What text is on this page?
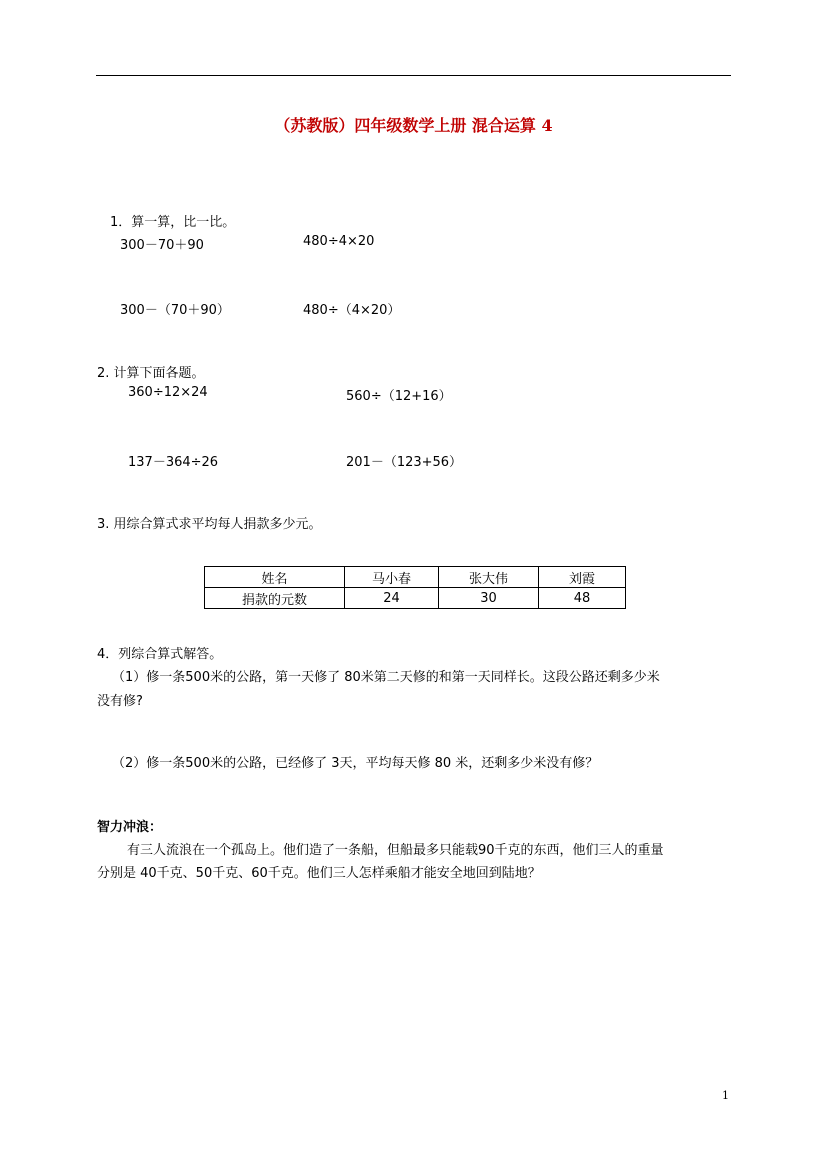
（苏教版）四年级数学上册 混合运算 4
1．算一算，比一比。
300－70＋90	480÷4×20
300－（70＋90）	480÷（4×20）
2. 计算下面各题。
360÷12×24	560÷（12+16）
137－364÷26	201－（123+56）
3. 用综合算式求平均每人捐款多少元。
姓名	马小春	张大伟	刘霞
捐款的元数	24	30	48
4．列综合算式解答。
（1）修一条500米的公路，第一天修了 80米第二天修的和第一天同样长。这段公路还剩多少米
没有修?
（2）修一条500米的公路，已经修了 3天，平均每天修 80 米，还剩多少米没有修？
智力冲浪：
有三人流浪在一个孤岛上。他们造了一条船，但船最多只能载90千克的东西，他们三人的重量
分别是 40千克、50千克、60千克。他们三人怎样乘船才能安全地回到陆地？
1
